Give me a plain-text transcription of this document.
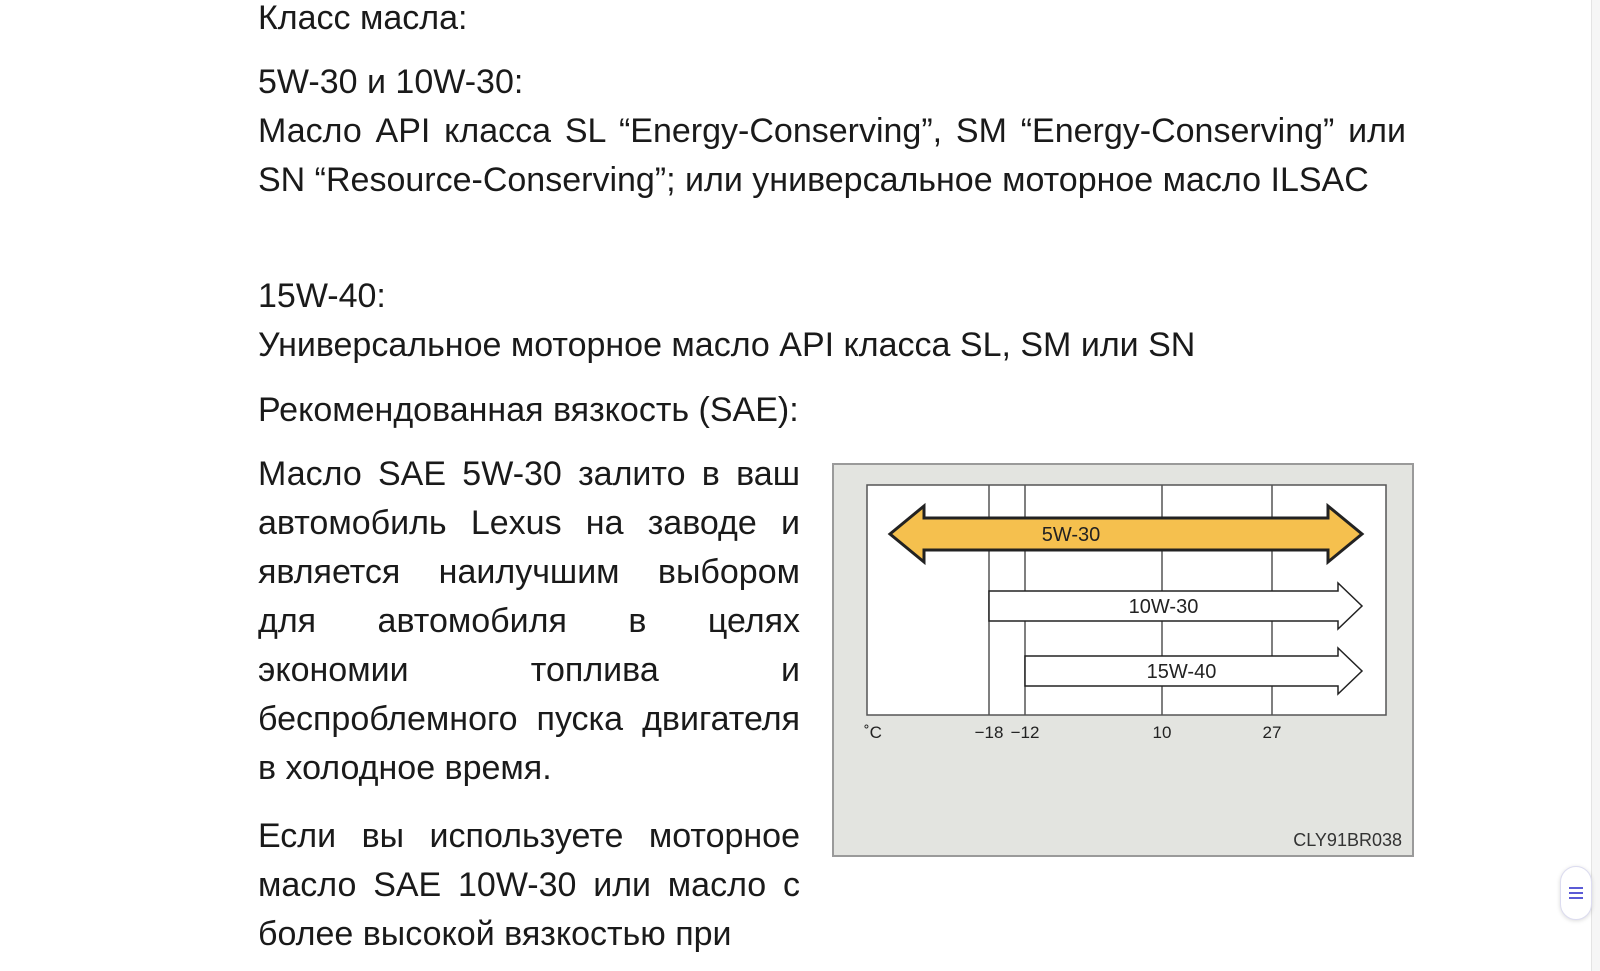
Класс масла:

5W-30 и 10W-30:

Масло API класса SL “Energy-Conserving”, SM “Energy-Conserving” или SN “Resource-Conserving”; или универсальное моторное масло ILSAC

15W-40:

Универсальное моторное масло API класса SL, SM или SN

Рекомендованная вязкость (SAE):

Масло SAE 5W-30 залито в ваш автомобиль Lexus на заводе и является наилучшим выбором для автомобиля в целях экономии топлива и беспроблемного пуска двигателя в холодное время.

Если вы используете моторное масло SAE 10W-30 или масло с более высокой вязкостью при

−18 −12	10	27
˚C
5W-30
10W-30
15W-40
CLY91BR038
